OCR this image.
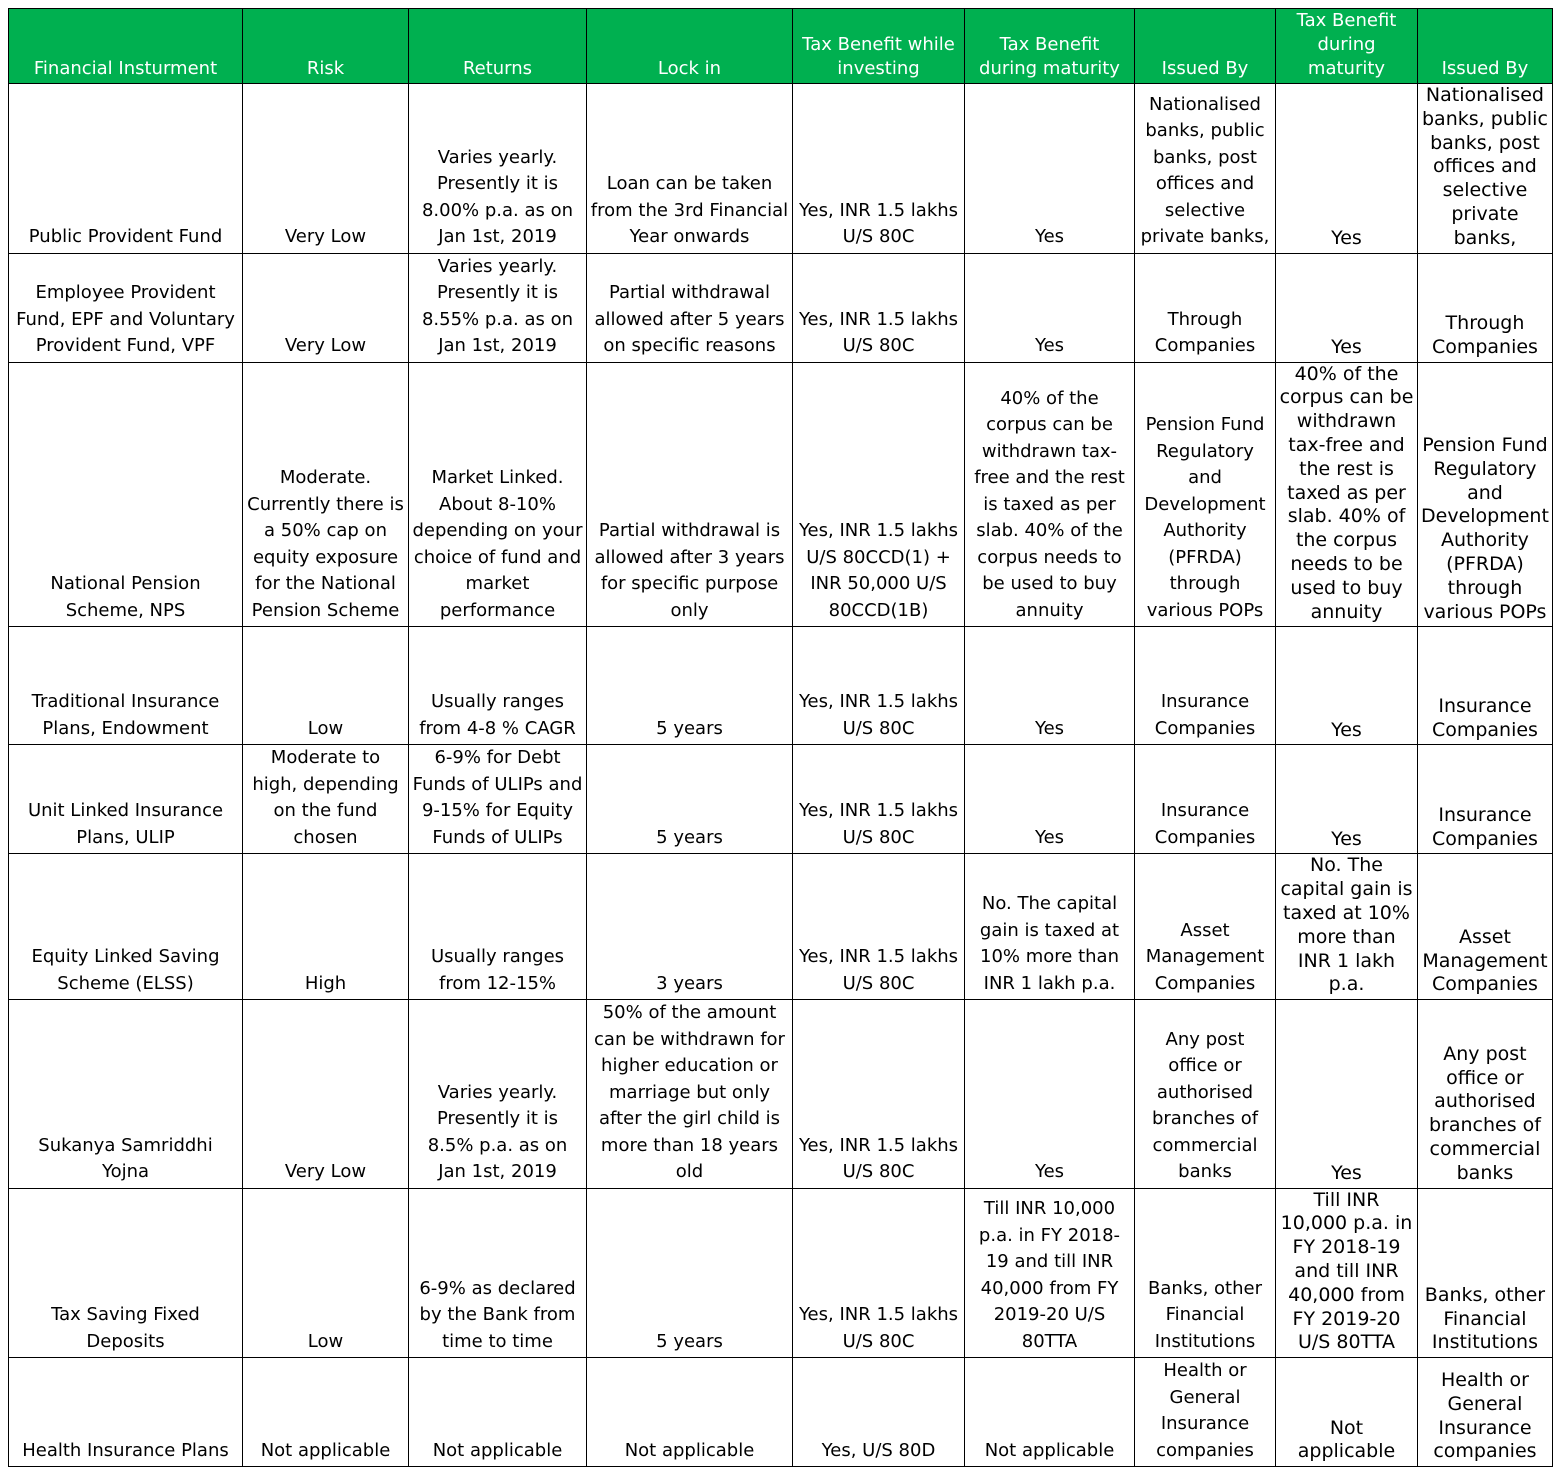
Financial Insturment	Risk	Returns	Lock in	Tax Benefit while investing	Tax Benefit during maturity	Issued By	Tax Benefit during maturity	Issued By
Public Provident Fund	Very Low	Varies yearly. Presently it is 8.00% p.a. as on Jan 1st, 2019	Loan can be taken from the 3rd Financial Year onwards	Yes, INR 1.5 lakhs U/S 80C	Yes	Nationalised banks, public banks, post offices and selective private banks,	Yes	Nationalised banks, public banks, post offices and selective private banks,
Employee Provident Fund, EPF and Voluntary Provident Fund, VPF	Very Low	Varies yearly. Presently it is 8.55% p.a. as on Jan 1st, 2019	Partial withdrawal allowed after 5 years on specific reasons	Yes, INR 1.5 lakhs U/S 80C	Yes	Through Companies	Yes	Through Companies
National Pension Scheme, NPS	Moderate. Currently there is a 50% cap on equity exposure for the National Pension Scheme	Market Linked. About 8-10% depending on your choice of fund and market performance	Partial withdrawal is allowed after 3 years for specific purpose only	Yes, INR 1.5 lakhs U/S 80CCD(1) + INR 50,000 U/S 80CCD(1B)	40% of the corpus can be withdrawn tax-free and the rest is taxed as per slab. 40% of the corpus needs to be used to buy annuity	Pension Fund Regulatory and Development Authority (PFRDA) through various POPs	40% of the corpus can be withdrawn tax-free and the rest is taxed as per slab. 40% of the corpus needs to be used to buy annuity	Pension Fund Regulatory and Development Authority (PFRDA) through various POPs
Traditional Insurance Plans, Endowment	Low	Usually ranges from 4-8 % CAGR	5 years	Yes, INR 1.5 lakhs U/S 80C	Yes	Insurance Companies	Yes	Insurance Companies
Unit Linked Insurance Plans, ULIP	Moderate to high, depending on the fund chosen	6-9% for Debt Funds of ULIPs and 9-15% for Equity Funds of ULIPs	5 years	Yes, INR 1.5 lakhs U/S 80C	Yes	Insurance Companies	Yes	Insurance Companies
Equity Linked Saving Scheme (ELSS)	High	Usually ranges from 12-15%	3 years	Yes, INR 1.5 lakhs U/S 80C	No. The capital gain is taxed at 10% more than INR 1 lakh p.a.	Asset Management Companies	No. The capital gain is taxed at 10% more than INR 1 lakh p.a.	Asset Management Companies
Sukanya Samriddhi Yojna	Very Low	Varies yearly. Presently it is 8.5% p.a. as on Jan 1st, 2019	50% of the amount can be withdrawn for higher education or marriage but only after the girl child is more than 18 years old	Yes, INR 1.5 lakhs U/S 80C	Yes	Any post office or authorised branches of commercial banks	Yes	Any post office or authorised branches of commercial banks
Tax Saving Fixed Deposits	Low	6-9% as declared by the Bank from time to time	5 years	Yes, INR 1.5 lakhs U/S 80C	Till INR 10,000 p.a. in FY 2018-19 and till INR 40,000 from FY 2019-20 U/S 80TTA	Banks, other Financial Institutions	Till INR 10,000 p.a. in FY 2018-19 and till INR 40,000 from FY 2019-20 U/S 80TTA	Banks, other Financial Institutions
Health Insurance Plans	Not applicable	Not applicable	Not applicable	Yes, U/S 80D	Not applicable	Health or General Insurance companies	Not applicable	Health or General Insurance companies
